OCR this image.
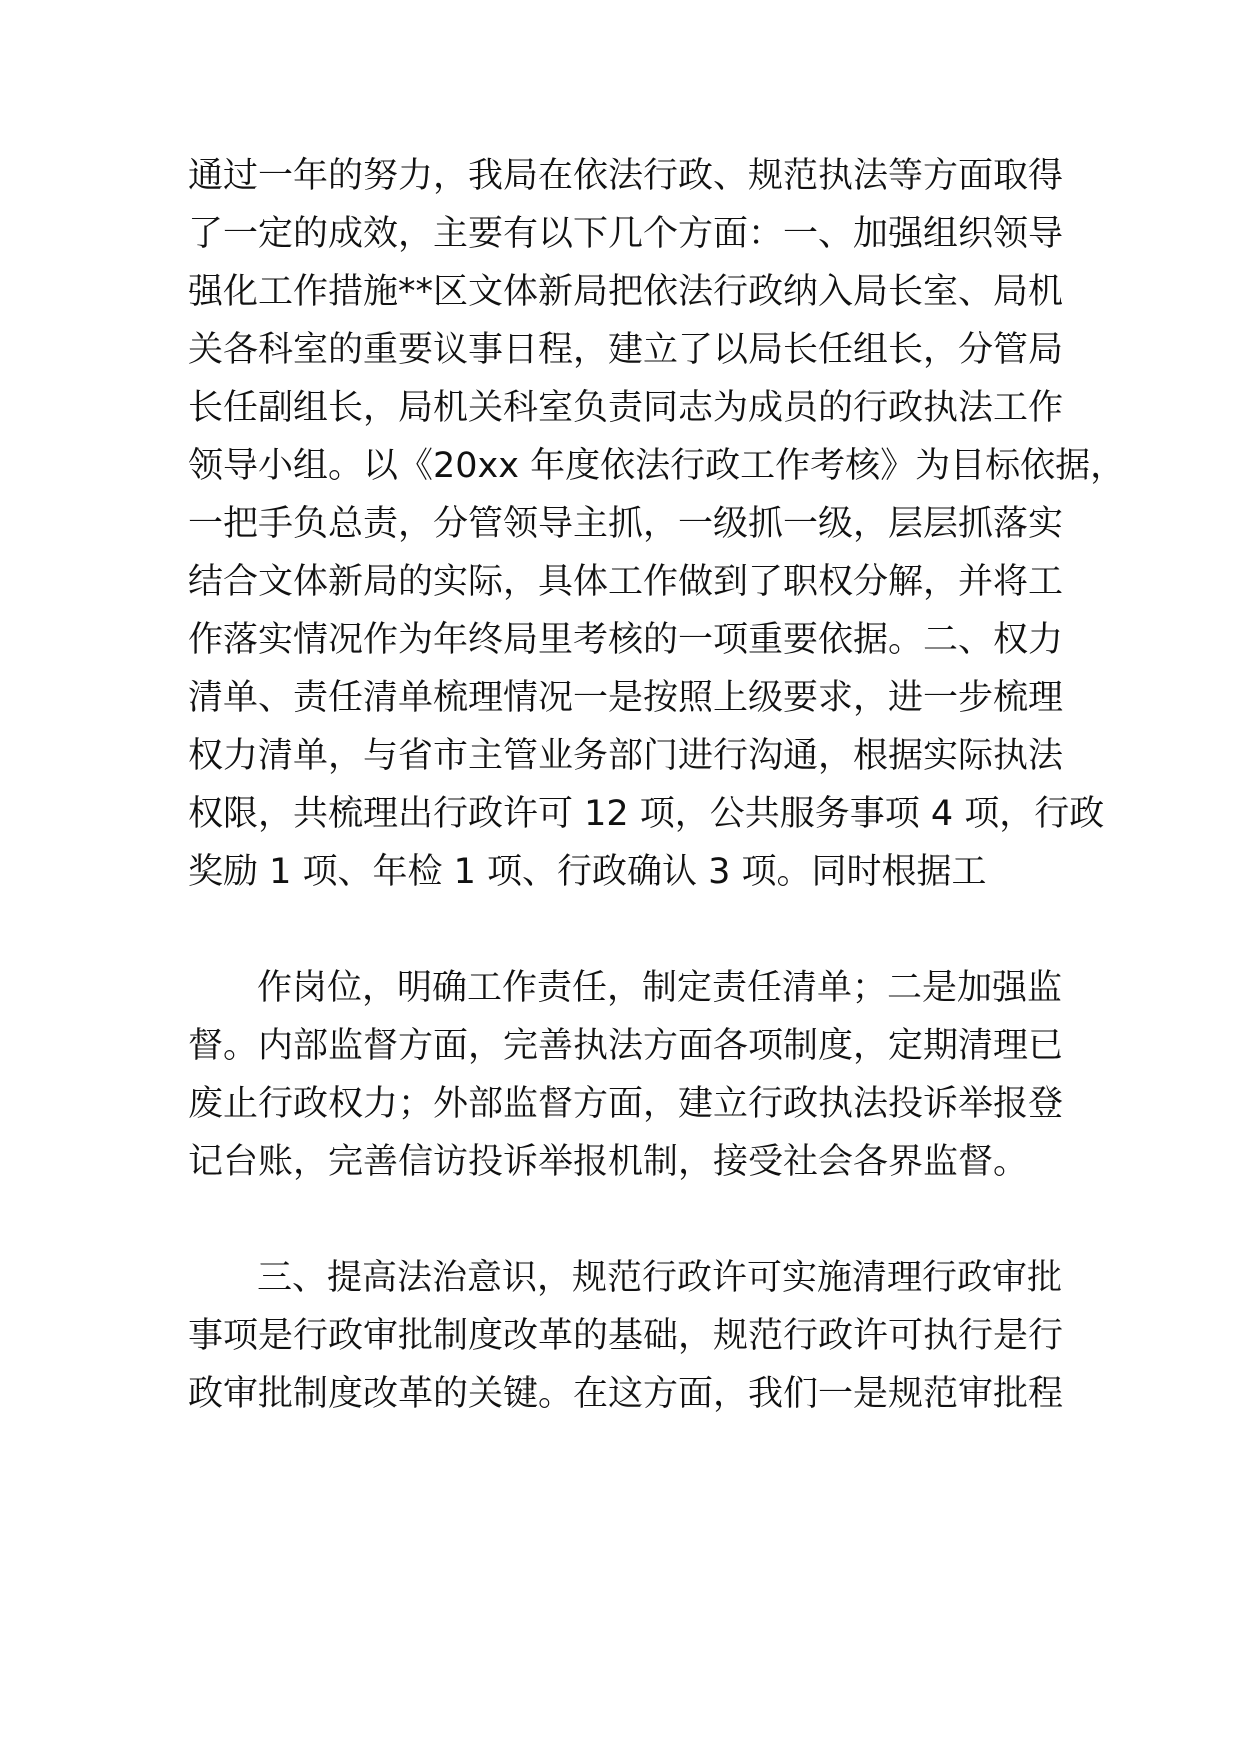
通过一年的努力，我局在依法行政、规范执法等方面取得
了一定的成效，主要有以下几个方面：一、加强组织领导
强化工作措施**区文体新局把依法行政纳入局长室、局机
关各科室的重要议事日程，建立了以局长任组长，分管局
长任副组长，局机关科室负责同志为成员的行政执法工作
领导小组。以《20xx 年度依法行政工作考核》为目标依据，
一把手负总责，分管领导主抓，一级抓一级，层层抓落实
结合文体新局的实际，具体工作做到了职权分解，并将工
作落实情况作为年终局里考核的一项重要依据。二、权力
清单、责任清单梳理情况一是按照上级要求，进一步梳理
权力清单，与省市主管业务部门进行沟通，根据实际执法
权限，共梳理出行政许可 12 项，公共服务事项 4 项，行政
奖励 1 项、年检 1 项、行政确认 3 项。同时根据工
作岗位，明确工作责任，制定责任清单；二是加强监
督。内部监督方面，完善执法方面各项制度，定期清理已
废止行政权力；外部监督方面，建立行政执法投诉举报登
记台账，完善信访投诉举报机制，接受社会各界监督。
三、提高法治意识，规范行政许可实施清理行政审批
事项是行政审批制度改革的基础，规范行政许可执行是行
政审批制度改革的关键。在这方面，我们一是规范审批程
